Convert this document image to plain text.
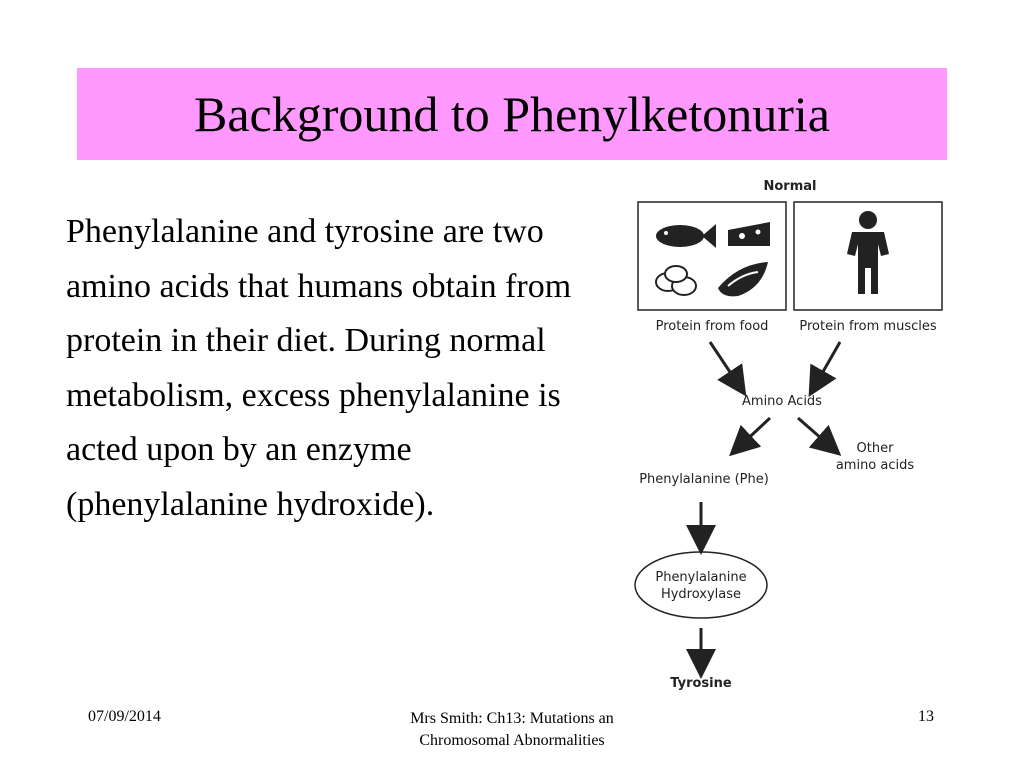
Background to Phenylketonuria
Phenylalanine and tyrosine are two amino acids that humans obtain from protein in their diet. During normal metabolism, excess phenylalanine is acted upon by an enzyme (phenylalanine hydroxide).
Normal
Protein from food Protein from muscles
Amino Acids
Other
amino acids
Phenylalanine (Phe)
Phenylalanine
Hydroxylase
Tyrosine
07/09/2014	Mrs Smith: Ch13: Mutations an
Chromosomal Abnormalities
13
